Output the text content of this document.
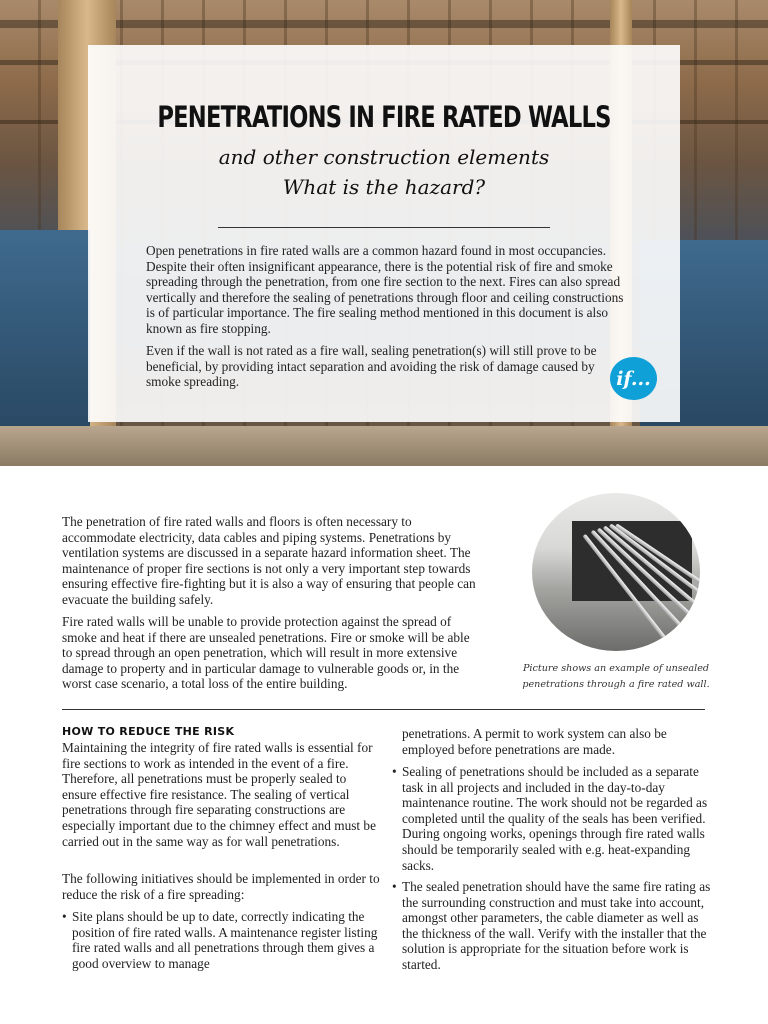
PENETRATIONS IN FIRE RATED WALLS
and other construction elements
What is the hazard?
Open penetrations in fire rated walls are a common hazard found in most occupancies. Despite their often insignificant appearance, there is the potential risk of fire and smoke spreading through the penetration, from one fire section to the next. Fires can also spread vertically and therefore the sealing of penetrations through floor and ceiling constructions is of particular importance. The fire sealing method mentioned in this document is also known as fire stopping.
Even if the wall is not rated as a fire wall, sealing penetration(s) will still prove to be beneficial, by providing intact separation and avoiding the risk of damage caused by smoke spreading.	if...
The penetration of fire rated walls and floors is often necessary to accommodate electricity, data cables and piping systems. Penetrations by ventilation systems are discussed in a separate hazard information sheet. The maintenance of proper fire sections is not only a very important step towards ensuring effective fire-fighting but it is also a way of ensuring that people can evacuate the building safely.
Fire rated walls will be unable to provide protection against the spread of smoke and heat if there are unsealed penetrations. Fire or smoke will be able to spread through an open penetration, which will result in more extensive damage to property and in particular damage to vulnerable goods or, in the worst case scenario, a total loss of the entire building.
Picture shows an example of unsealed
penetrations through a fire rated wall.
HOW TO REDUCE THE RISK
Maintaining the integrity of fire rated walls is essential for fire sections to work as intended in the event of a fire. Therefore, all penetrations must be properly sealed to ensure effective fire resistance. The sealing of vertical penetrations through fire separating constructions are especially important due to the chimney effect and must be carried out in the same way as for wall penetrations.
The following initiatives should be implemented in order to reduce the risk of a fire spreading:
• Site plans should be up to date, correctly indicating the position of fire rated walls. A maintenance register listing fire rated walls and all penetrations through them gives a good overview to manage
penetrations. A permit to work system can also be employed before penetrations are made.
• Sealing of penetrations should be included as a separate task in all projects and included in the day-to-day maintenance routine. The work should not be regarded as completed until the quality of the seals has been verified. During ongoing works, openings through fire rated walls should be temporarily sealed with e.g. heat-expanding sacks.
• The sealed penetration should have the same fire rating as the surrounding construction and must take into account, amongst other parameters, the cable diameter as well as the thickness of the wall. Verify with the installer that the solution is appropriate for the situation before work is started.
